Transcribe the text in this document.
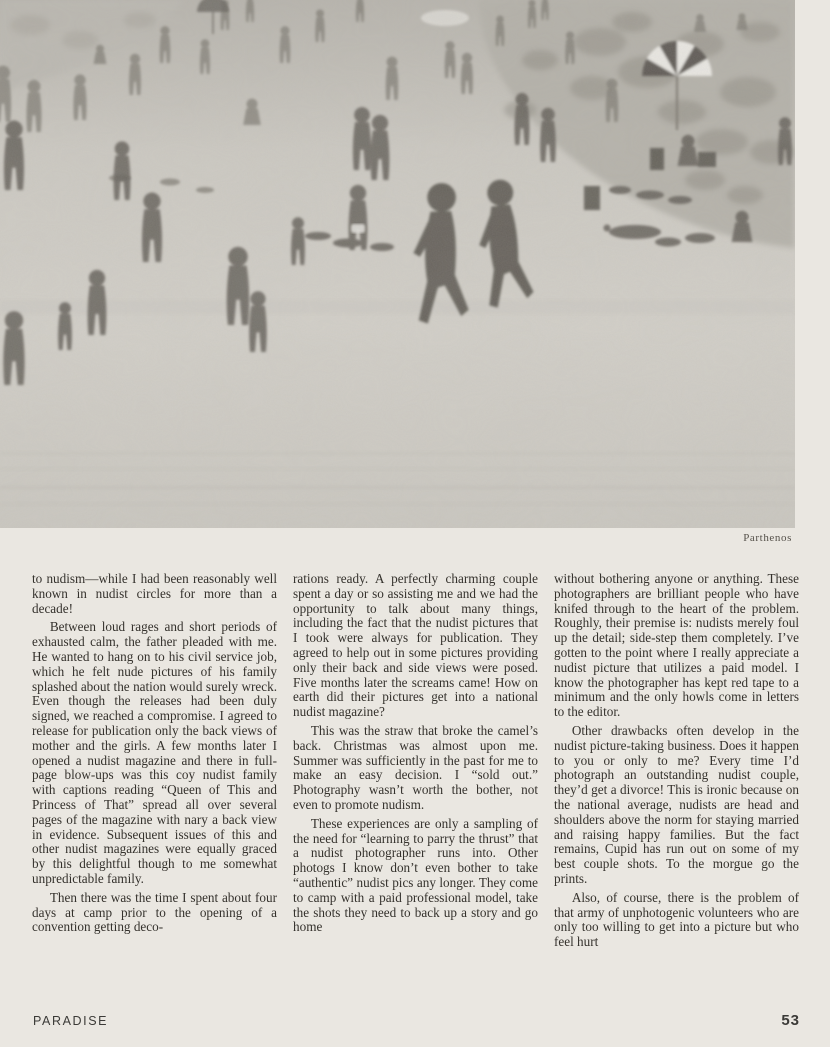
Parthenos

to nudism—while I had been reasonably well known in nudist circles for more than a decade!

Between loud rages and short periods of exhausted calm, the father pleaded with me. He wanted to hang on to his civil service job, which he felt nude pictures of his family splashed about the nation would surely wreck. Even though the releases had been duly signed, we reached a compromise. I agreed to release for publication only the back views of mother and the girls. A few months later I opened a nudist magazine and there in full-page blow-ups was this coy nudist family with captions reading “Queen of This and Princess of That” spread all over several pages of the magazine with nary a back view in evidence. Subsequent issues of this and other nudist magazines were equally graced by this delightful though to me somewhat unpredictable family.

Then there was the time I spent about four days at camp prior to the opening of a convention getting deco-

rations ready. A perfectly charming couple spent a day or so assisting me and we had the opportunity to talk about many things, including the fact that the nudist pictures that I took were always for publication. They agreed to help out in some pictures providing only their back and side views were posed. Five months later the screams came! How on earth did their pictures get into a national nudist magazine?

This was the straw that broke the camel’s back. Christmas was almost upon me. Summer was sufficiently in the past for me to make an easy decision. I “sold out.” Photography wasn’t worth the bother, not even to promote nudism.

These experiences are only a sampling of the need for “learning to parry the thrust” that a nudist photographer runs into. Other photogs I know don’t even bother to take “authentic” nudist pics any longer. They come to camp with a paid professional model, take the shots they need to back up a story and go home

without bothering anyone or anything. These photographers are brilliant people who have knifed through to the heart of the problem. Roughly, their premise is: nudists merely foul up the detail; side-step them completely. I’ve gotten to the point where I really appreciate a nudist picture that utilizes a paid model. I know the photographer has kept red tape to a minimum and the only howls come in letters to the editor.

Other drawbacks often develop in the nudist picture-taking business. Does it happen to you or only to me? Every time I’d photograph an outstanding nudist couple, they’d get a divorce! This is ironic because on the national average, nudists are head and shoulders above the norm for staying married and raising happy families. But the fact remains, Cupid has run out on some of my best couple shots. To the morgue go the prints.

Also, of course, there is the problem of that army of unphotogenic volunteers who are only too willing to get into a picture but who feel hurt

PARADISE	53
